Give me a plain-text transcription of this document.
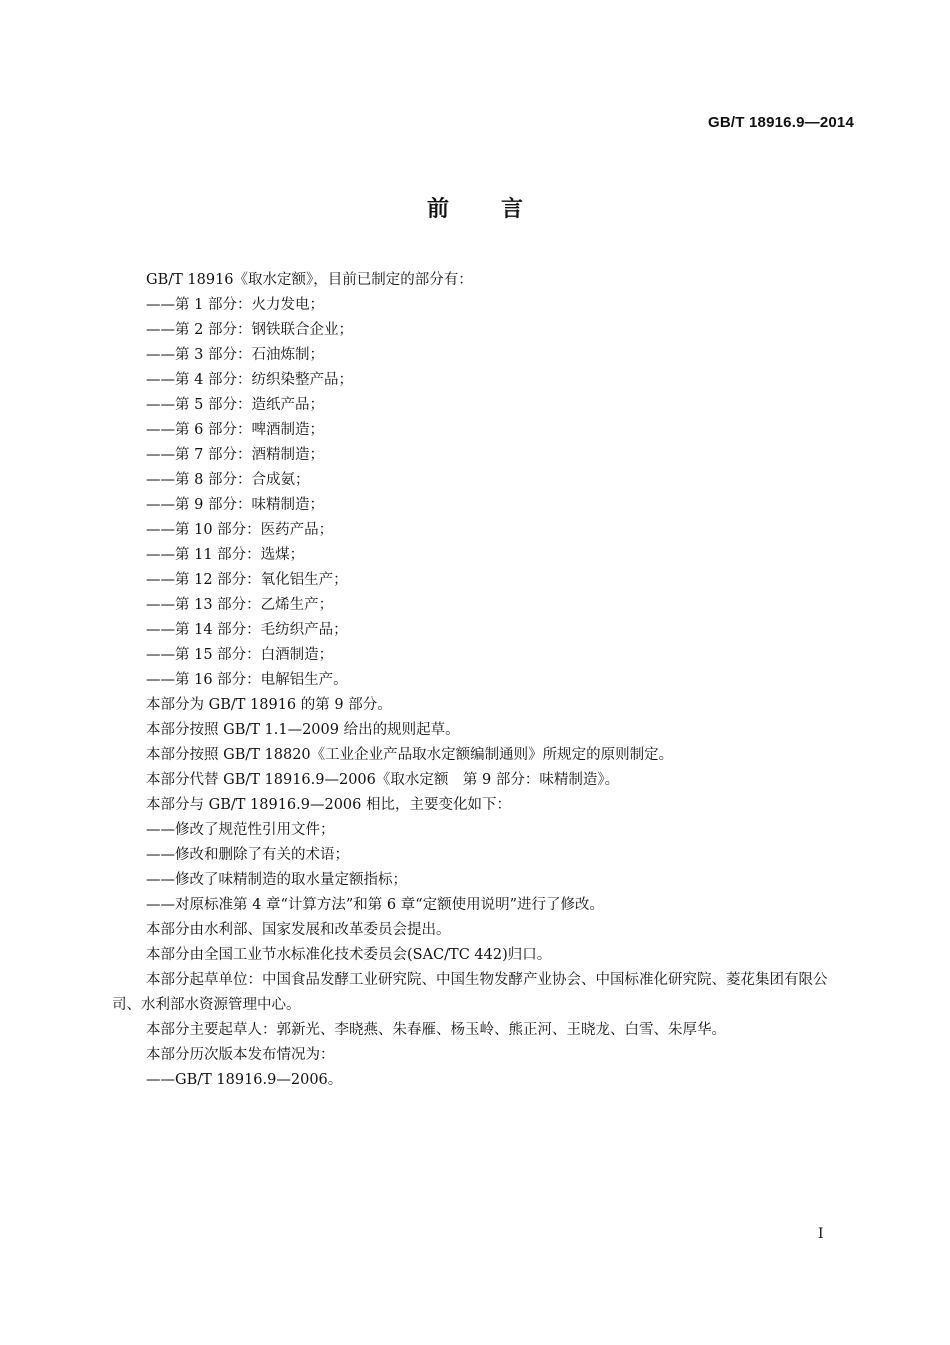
GB/T 18916.9—2014
前 言
GB/T 18916《取水定额》，目前已制定的部分有：
——第 1 部分：火力发电；
——第 2 部分：钢铁联合企业；
——第 3 部分：石油炼制；
——第 4 部分：纺织染整产品；
——第 5 部分：造纸产品；
——第 6 部分：啤酒制造；
——第 7 部分：酒精制造；
——第 8 部分：合成氨；
——第 9 部分：味精制造；
——第 10 部分：医药产品；
——第 11 部分：选煤；
——第 12 部分：氧化铝生产；
——第 13 部分：乙烯生产；
——第 14 部分：毛纺织产品；
——第 15 部分：白酒制造；
——第 16 部分：电解铝生产。
本部分为 GB/T 18916 的第 9 部分。
本部分按照 GB/T 1.1—2009 给出的规则起草。
本部分按照 GB/T 18820《工业企业产品取水定额编制通则》所规定的原则制定。
本部分代替 GB/T 18916.9—2006《取水定额　第 9 部分：味精制造》。
本部分与 GB/T 18916.9—2006 相比，主要变化如下：
——修改了规范性引用文件；
——修改和删除了有关的术语；
——修改了味精制造的取水量定额指标；
——对原标准第 4 章“计算方法”和第 6 章“定额使用说明”进行了修改。
本部分由水利部、国家发展和改革委员会提出。
本部分由全国工业节水标准化技术委员会(SAC/TC 442)归口。
本部分起草单位：中国食品发酵工业研究院、中国生物发酵产业协会、中国标准化研究院、菱花集团有限公司、水利部水资源管理中心。
本部分主要起草人：郭新光、李晓燕、朱春雁、杨玉岭、熊正河、王晓龙、白雪、朱厚华。
本部分历次版本发布情况为：
——GB/T 18916.9—2006。
I
